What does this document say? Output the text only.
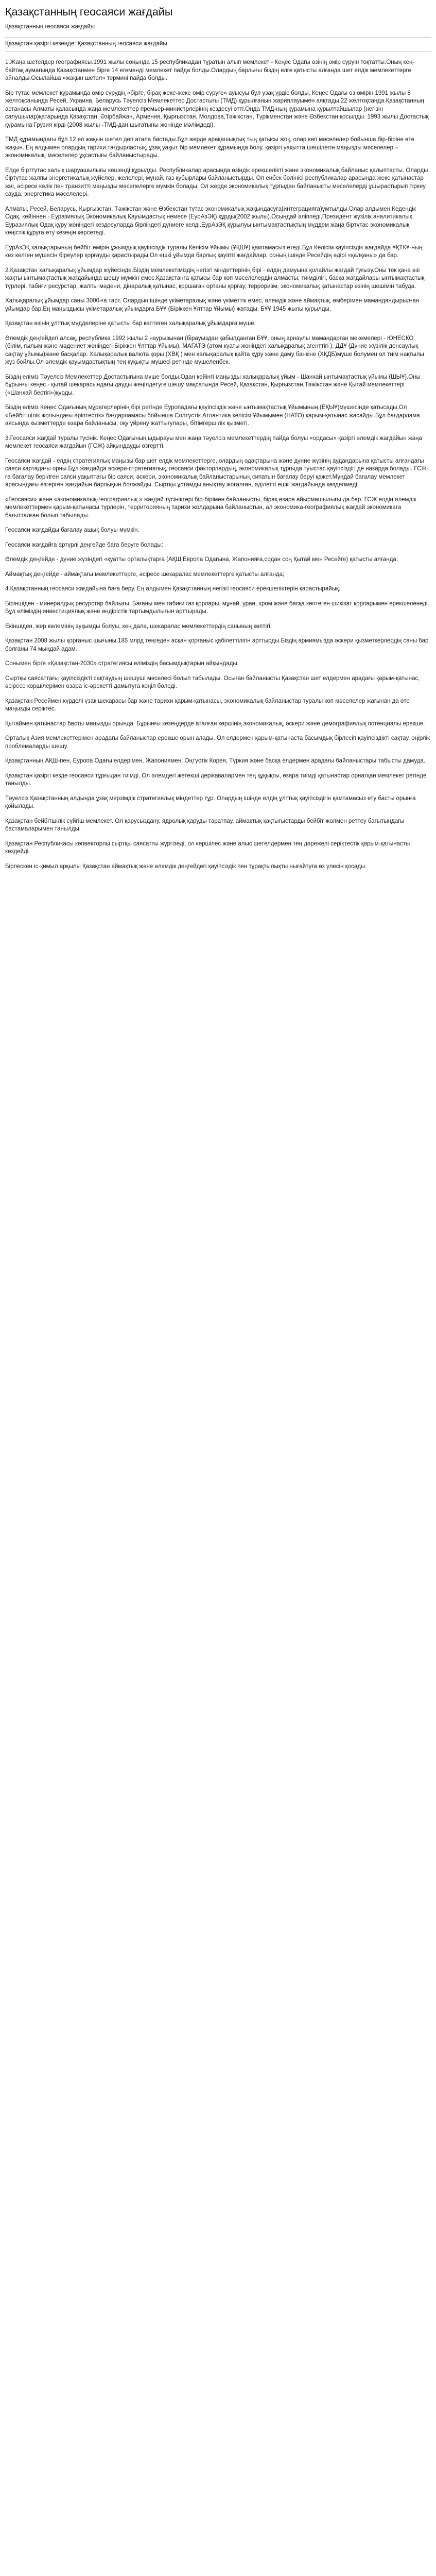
Қазақстанның геосаяси жағдайы
Қазақстанның геосаяси жағдайы
Қазақстан қазіргі кезеңде: Қазақстанның геосаяси жағдайы

1.Жаңа шетелдер географиясы.1991 жылы соңында 15 республикадан тұратын алып мемлекет - Кеңес Одағы өзінің өмір сүруін тоқтатты.Оның кең-байтақ аумағында Қазақстанмен бірге 14 егеменді мемлекет пайда болды.Олардың барлығы біздің елге қатысты алғанда шет елдік мемлекеттерге айналды.Осылайша «жақын шетел» термині пайда болды.

Бір түтас мемлекет құрамында өмір сүрудің «бірге, бірақ жеке-жеке өмір сүруге» ауысуы бұл ұзақ үрдіс болды. Кеңес Одағы өз өмірін 1991 жылы 8 желтоқсанында Ресей, Украина, Беларусь Тәуелсіз Мемлекеттер Достастығы (ТМД) құрылғанын жариялауымен аяқтады.22 желтоқсанда Қазақстанның астанасы Алматы қаласында жаңа мемлекеттер премьер-министрлерінің кездесуі өтті.Онда ТМД-ның құрамына құрылтайшылар (негізін салушылар)қатарында Қазақстан, Әзірбайжан, Армения, Қырғызстан, Молдова,Тәжікстан, Түрікменстан және Өзбекстан қосылды. 1993 жылы Достастық құрамына Грузия кірді (2008 жылы -ТМД-дан шығатыны жөнінде мәлімдеді).

ТМД құрамындағы бұл 12 ел жақын шетел деп атала бастады.Бұл жерде арақашықтық тың қатысы жоқ, олар көп мәселелер бойынша бір-біріне өте жақын. Ең алдымен олардың тарихи тағдырластық, ұзақ уақыт бір мемлекет құрамында болу, қазіргі уақытта шешілетін маңызды мәселелер – экономикалық, мәселелер ұқсастығы байланыстырады.

Елде бірттүтас халық шаруашылығы кешенді құрылды. Республикалар арасында өзіндік ерекшелікті және экономикалық байланыс қалыптасты. Оларды біртүтас жалпы энергетикалық жүйелер, желелері, мұнай, газ құбырлары байланыстырды. Ол еңбек бөлінісі республикалар арасында жеке қатынастар жиі, әсіресе көлік пен транзитті маңызды мәселелерге мүмкін болады. Ол жерде экономикалық тұрғыдан байланысты мәселелерді ұшырастырып тіркеу, сауда, энергетика мәселелері.

Алматы, Ресей, Беларусь, Қырғызстан, Тәжікстан және Өзбекстан түтас экономикалық жақындасуға(интеграцияға)ұмтылды.Олар алдымен Кедендік Одақ, кейіннен - Еуразиялық Экономикалық Қауымдастық немесе (ЕурАзЭҚ) құрды(2002 жылы).Осындай әліппеді,Президент жүзілік аналитикалық Еуразиялық Одақ құру жөніндегі кездесуларда бірліндегі дүниеге келді.ЕурАзЭҚ құрылуы ынтымақтастықтың мүддем жаңа біртұтас экономикалық кеңістік құруға өту кезеңін көрсетеді.

ЕурАзЭҚ халықтарының бейбіт өмірін ұжымдық қауіпсіздік туралы Келісім Ұйымы (ҰҚШҰ) қамтамасыз етеді.Бұл Келісім қауіпсіздік жағдайда ҰҚТКҰ-ның кез келген мүшесін біреулер қорғауды қарастырады.Ол ешкі ұйымда барлық қауіпті жағдайлар, соның ішінде Ресейдің әдірі «қалқаны» да бар.

2.Қазақстан халықаралық ұйымдар жүйесінде.Біздің мемлекетіміздің негізгі міндеттерінің бірі - елдің дамуына қолайлы жағдай туғызу.Оны тек қана өзі жақты ынтымақтастық жағдайында шешу мүмкін емес.Қазақстанға қатысы бар көп мәселелердің алмасты, тиімділігі, басқа жағдайлары ынтымақтастық түрлері, табиғи ресурстар, жалпы мәдени, дінаралық қатынас, қоршаған ортаны қорғау, терроризм, экономикалық қатынастар өзінің шешімін табуда.

Халықаралық ұйымдар саны 3000-ға тарт. Олардың ішінде үкіметаралық және үкіметтік емес, әлемдік және аймақтық, өмберімен мамандандырылған ұйымдар бар.Ең маңыздысы үкіметаралық ұйымдарға БҰҰ (Біріккен Ұлттар Ұйымы) жатады. БҰҰ 1945 жылы құрылды.

Қазақстан өзінің ұлттық мүдделеріне қатысты бар көптеген халықаралық ұйымдарға мүше.

Әлемдік деңгейдегі алсақ, республика 1992 жылы 2 наурызынан (бірауыздан қабылданған БҰҰ, оның арнаулы мамандарған мекемелері - ЮНЕСКО (білім, ғылым және мәдениет жөніндегі Біріккен Ұлттар Ұйымы), МАГАТЭ (атом күаты жөніндегі халықаралық агенттігі ), ДДҰ (Дүние жүзілік денсаулық сақтау ұйымы)және басқалар. Халықаралық валюта қоры (ХВҚ ) мен халықаралық қайта құру және даму банкіне (ХҚДБ)мүше болумен ол тиім нақтылы жүз бойлы.Ол әлемдік қауымдастықтың тең құқықты мүшесі ретінде мүшеленбек.

Біздің еліміз Тәуелсіз Мемлекеттер Достастығына мүше болды.Одан кейінгі маңызды халықаралық ұйым - Шанхай ынтымақтастық ұйымы (ШЫҰ).Оны бұрынғы кеңес - қытай шекарасындағы дауды жеңілдетуге шешу мақсатында Ресей, Қазақстан, Қырғызстан,Тәжікстан және Қытай мемлекеттері («Шанхай бестігі»)құрды.

Біздің еліміз Кеңес Одағының мұрагерлерінің бірі ретінде Еуропадағы қауіпсіздік және ынтымақтастық Ұйымының (ЕҚЫҰ)мүшесінде қатысады.Ол «Бейбітшілік жолындағы әріптестік» бағдарламасы бойынша Солтүстік Атлантика келісім Ұйымымен (НАТО) қарым-қатынас жасайды.Бұл бағдарлама аясында кызметтерде өзара байланысы, оқу үйрену жаттығулары, бітімгершілік қызметі.

3.Геосаяси жағдай туралы түсінік. Кеңес Одағының ыдырауы мен жаңа тәуелсіз мемлекеттердің пайда болуы «ордасы» қазіргі әлемдік жағдайын жаңа мемлекет геосаяси жағдайын (ГСЖ) айқындауды өзгертті.

Геосаяси жағдай - елдің стратегиялық маңызы бар шет елдік мемлекеттерге, олардың одақтарына және дүние жүзінің аудандарына қатысты алғандағы саяси картадағы орны.Бұл жағдайда әскери-стратегиялық, геосаяси факторлардың, экономикалық тұрғыда туыстас қауіпсіздігі де назарда болады. ГСЖ-ға бағалау берілген саяси уақыттағы бір саяси, әскери, экономикалық байланыстарының сипатын бағалау беруі қажет.Мұндай бағалау мемлекет арасындағы өзгерген жағдайын барлықын болжайды. Сыртқы ұстамды анықтау жоғалған, әділетті ешкі жағдайында көзделмеді.

«Геосаяси» және «экономикалық-географиялық » жағдай түсініктері бір-бірімен байланысты, бірақ өзара айырмашылығы да бар. ГСЖ елдің әлемдік мемлекеттермен қарым-қатынасы түрлерін, территорияның тарихи жолдарына байланыстын, ал экономика-географиялық жағдай экономикаға бағытталған болып табылады.

Геосаяси жағдайды бағалау ашық болуы мүмкін.

Геосаяси жағдайға артүрлі деңгейде баға беруге болады:

Әлемдік деңгейде - дүние жүзіндегі «қуатты орталықтарға (АҚШ,Европа Одағына, Жапонияға,содан соң Қытай мен Ресейге) қатысты алғанда;

Аймақтық деңгейде - аймақтағы мемлекеттерге, әсіресе шекаралас мемлекеттерге қатысты алғанда;

4.Қазақстанның геосаяси жағдайына баға беру. Ең алдымен Қазақстанның негізгі геосаяси ерекшеліктерін қарастырайық.

Біріншіден - минералдық ресурстар байлығы. Бағаны мен табиғи газ қорлары, мұнай, уран, хром және басқа көптеген шикізат қорларымен ерекшеленеді. Бұл еліміздің инвестициялық және өндірістік тартымдылығын арттырады.

Екіншіден, жер көлемінің ауқымды болуы, кең дала, шекаралас мемлекеттердің санының көптігі.

Қазақстан 2008 жылы қорғаныс шығыны 185 млрд теңгеден асқан қорғаныс қабілеттілігін арттырды.Біздің армиямызда әскери қызметкерлердің саны бар болғаны 74 мыңдай адам.

Сонымен бірге «Қазақстан-2030» стратегиясы еліміздің басымдықтарын айқындады.

Сыртқы саясаттағы қауіпсіздікті сақтаудың шешуші мәселесі болып табылады. Осыған байланысты Қазақстан шет елдермен арадағы қарым-қатынас, әсіресе көршілерімен өзара іс-әрекетті дамытуға көңіл бөледі.

Қазақстан Ресеймен күрделі ұзақ шекарасы бар және тарихи қарым-қатынасы, экономикалық байланыстар туралы көп мәселелер жағынан да өте маңызды серіктес.

Қытаймен қатынастар басты маңызды орында. Бұрынғы кезеңдерде аталған көршінің экономикалық, әскери және демографиялық потенциалы ерекше.

Орталық Азия мемлекеттерімен арадағы байланыстар ерекше орын алады. Ол елдермен қарым-қатынаста басымдық бірлесіп қауіпсіздікті сақтау, өңірлік проблемаларды шешу.

Қазақстанның АҚШ-пен, Еуропа Одағы елдерімен, Жапониямен, Оңтүстік Корея, Түркия және басқа елдермен арадағы байланыстары табысты дамуда.

Қазақстан қазіргі кезде геосаяси тұрғыдан тиімді. Ол әлемдегі жетекші державалармен тең құқықты, өзара тиімді қатынастар орнатқан мемлекет ретінде танылды.

Тәуелсіз Қазақстанның алдында ұзақ мерзімдік стратегиялық міндеттер тұр. Олардың ішінде елдің ұлттық қауіпсіздігін қамтамасыз ету басты орынға қойылады.

Қазақстан бейбітшілік сүйгіш мемлекет. Ол қарусыздану, ядролық қаруды таратпау, аймақтық қақтығыстарды бейбіт жолмен реттеу бағытындағы бастамаларымен танылды.

Қазақстан Республикасы көпвекторлы сыртқы саясатты жүргізеді, ол көршілес және алыс шетелдермен тең дәрежелі серіктестік қарым-қатынасты көздейді.

Бірлескен іс-қимыл арқылы Қазақстан аймақтық және әлемдік деңгейдегі қауіпсіздік пен тұрақтылықты нығайтуға өз үлесін қосады.
